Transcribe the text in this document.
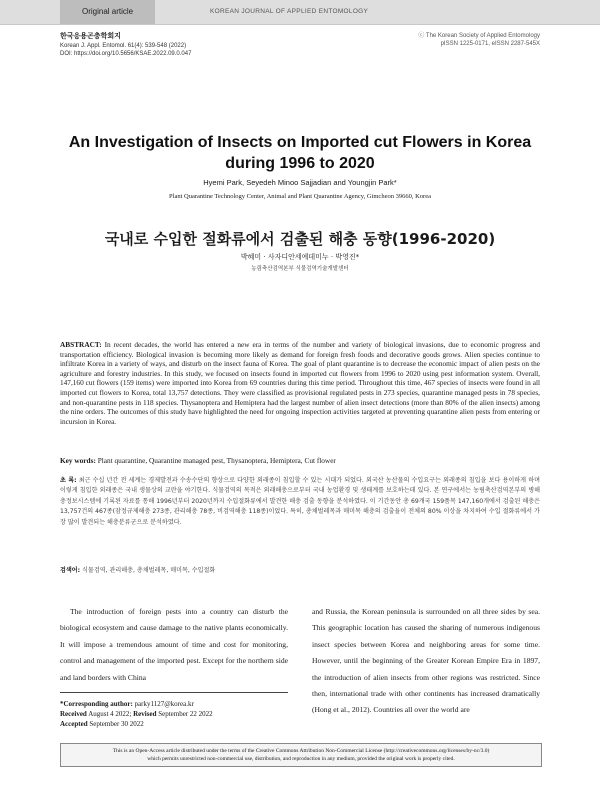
Original article	KOREAN JOURNAL OF APPLIED ENTOMOLOGY
한국응용곤충학회지
Korean J. Appl. Entomol. 61(4): 539-548 (2022)
DOI: https://doi.org/10.5656/KSAE.2022.09.0.047
ⓒ The Korean Society of Applied Entomology
pISSN 1225-0171, eISSN 2287-545X
An Investigation of Insects on Imported cut Flowers in Korea during 1996 to 2020
Hyemi Park, Seyedeh Minoo Sajjadian and Youngjin Park*
Plant Quarantine Technology Center, Animal and Plant Quarantine Agency, Gimcheon 39660, Korea
국내로 수입한 절화류에서 검출된 해충 동향(1996-2020)
박혜미 · 사자디안세예데미누 · 박영진*
농림축산검역본부 식물검역기술개발센터
ABSTRACT: In recent decades, the world has entered a new era in terms of the number and variety of biological invasions, due to economic progress and transportation efficiency. Biological invasion is becoming more likely as demand for foreign fresh foods and decorative goods grows. Alien species continue to infiltrate Korea in a variety of ways, and disturb on the insect fauna of Korea. The goal of plant quarantine is to decrease the economic impact of alien pests on the agriculture and forestry industries. In this study, we focused on insects found in imported cut flowers from 1996 to 2020 using pest information system. Overall, 147,160 cut flowers (159 items) were imported into Korea from 69 countries during this time period. Throughout this time, 467 species of insects were found in all imported cut flowers to Korea, total 13,757 detections. They were classified as provisional regulated pests in 273 species, quarantine managed pests in 78 species, and non-quarantine pests in 118 species. Thysanoptera and Hemiptera had the largest number of alien insect detections (more than 80% of the alien insects) among the nine orders. The outcomes of this study have highlighted the need for ongoing inspection activities targeted at preventing quarantine alien pests from entering or incursion in Korea.
Key words: Plant quarantine, Quarantine managed pest, Thysanoptera, Hemiptera, Cut flower
초 록: 최근 수십 년간 전 세계는 경제발전과 수송수단의 향상으로 다양한 외래종이 침입할 수 있는 시대가 되었다. 외국산 농산물의 수입요구는 외래종의 침입을 보다 용이하게 하며 이렇게 침입한 외래종은 국내 생물상의 교란을 야기한다. 식물검역의 목적은 외래해충으로부터 국내 농업환경 및 생태계를 보호하는데 있다. 본 연구에서는 농림축산검역본부의 병해충정보시스템에 기록된 자료를 통해 1996년부터 2020년까지 수입절화류에서 발견한 해충 검출 동향을 분석하였다. 이 기간동안 총 69개국 159품목 147,160개에서 검출된 해충은 13,757건의 467종(잠정규제해충 273종, 관리해충 78종, 비검역해충 118종)이었다. 특히, 총채벌레목과 매미목 해충의 검출율이 전체의 80% 이상을 차지하여 수입 절화류에서 가장 많이 발견되는 해충분류군으로 분석하였다.
검색어: 식물검역, 관리해충, 총채벌레목, 매미목, 수입절화

The introduction of foreign pests into a country can disturb the biological ecosystem and cause damage to the native plants economically. It will impose a tremendous amount of time and cost for monitoring, control and management of the imported pest. Except for the northern side and land borders with China

and Russia, the Korean peninsula is surrounded on all three sides by sea. This geographic location has caused the sharing of numerous indigenous insect species between Korea and neighboring areas for some time. However, until the beginning of the Greater Korean Empire Era in 1897, the introduction of alien insects from other regions was restricted. Since then, international trade with other continents has increased dramatically (Hong et al., 2012). Countries all over the world are

*Corresponding author: parky1127@korea.kr
Received August 4 2022; Revised September 22 2022
Accepted September 30 2022
This is an Open-Access article distributed under the terms of the Creative Commons Attribution Non-Commercial License (http://creativecommons.org/licenses/by-nc/3.0)
which permits unrestricted non-commercial use, distribution, and reproduction in any medium, provided the original work is properly cited.
